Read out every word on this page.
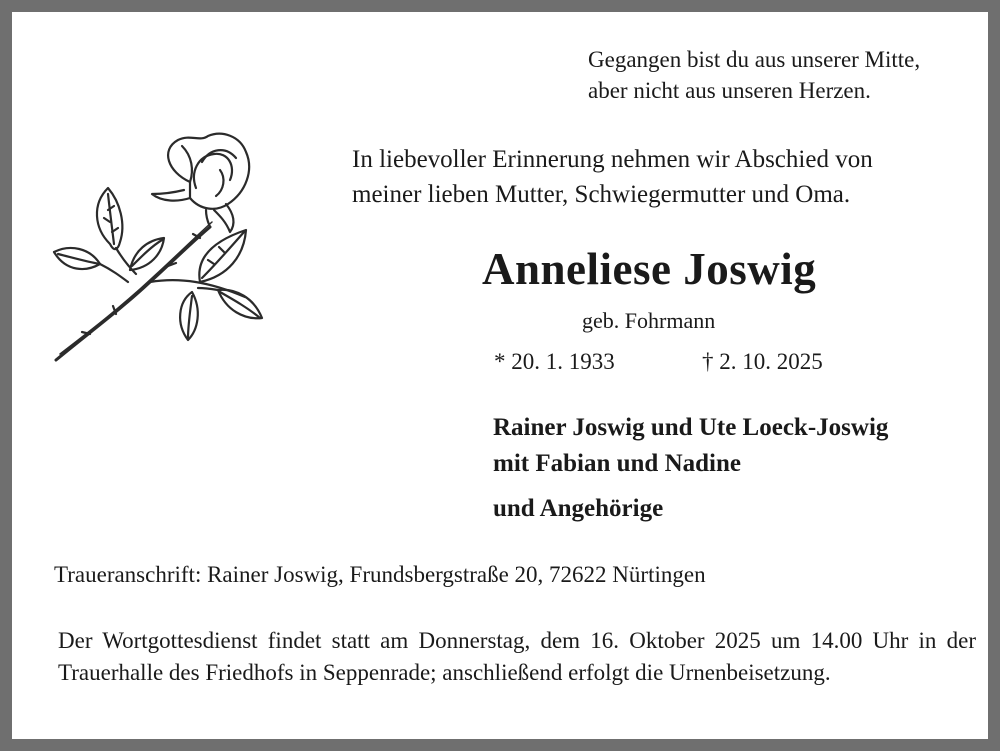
Gegangen bist du aus unserer Mitte,
aber nicht aus unseren Herzen.
In liebevoller Erinnerung nehmen wir Abschied von
meiner lieben Mutter, Schwiegermutter und Oma.
Anneliese Joswig
geb. Fohrmann
* 20. 1. 1933	† 2. 10. 2025
Rainer Joswig und Ute Loeck-Joswig
mit Fabian und Nadine
und Angehörige
Traueranschrift: Rainer Joswig, Frundsbergstraße 20, 72622 Nürtingen
Der Wortgottesdienst findet statt am Donnerstag, dem 16. Oktober 2025 um 14.00 Uhr in der Trauerhalle des Friedhofs in Seppenrade; anschließend erfolgt die Urnenbeisetzung.
